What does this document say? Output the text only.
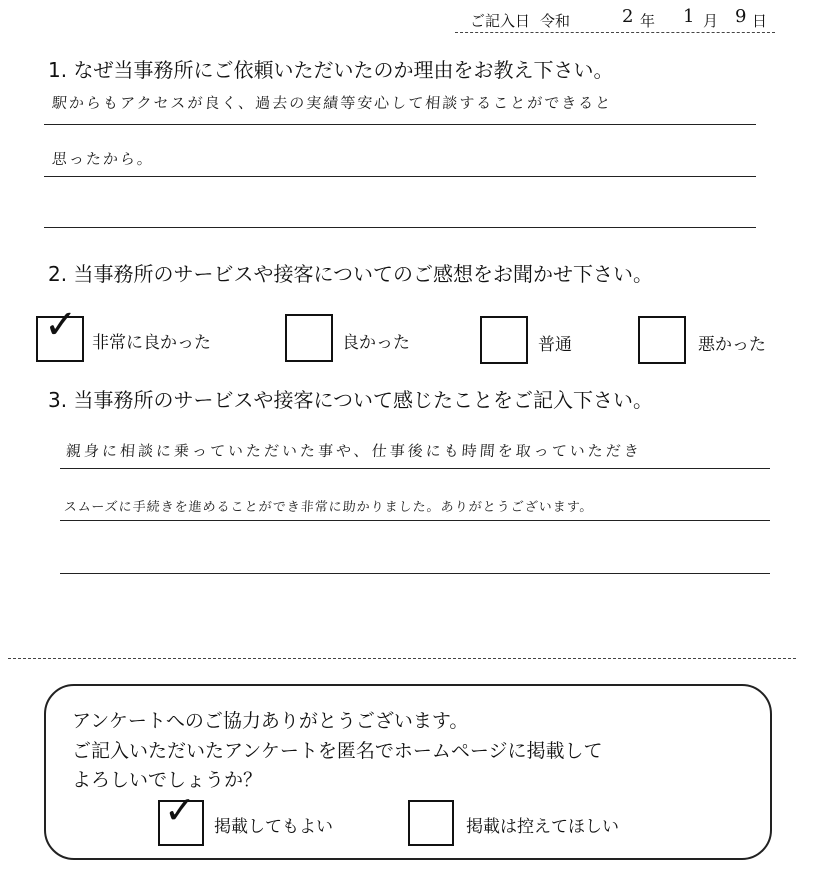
ご記入日 令和	2 年 1 月 9 日
1. なぜ当事務所にご依頼いただいたのか理由をお教え下さい。
駅からもアクセスが良く、過去の実績等安心して相談することができると
思ったから。
2. 当事務所のサービスや接客についてのご感想をお聞かせ下さい。
✓ 非常に良かった	良かった	普通	悪かった
3. 当事務所のサービスや接客について感じたことをご記入下さい。
親身に相談に乗っていただいた事や、仕事後にも時間を取っていただき
スムーズに手続きを進めることができ非常に助かりました。ありがとうございます。
アンケートへのご協力ありがとうございます。
ご記入いただいたアンケートを匿名でホームページに掲載して
よろしいでしょうか？
✓ 掲載してもよい	掲載は控えてほしい
